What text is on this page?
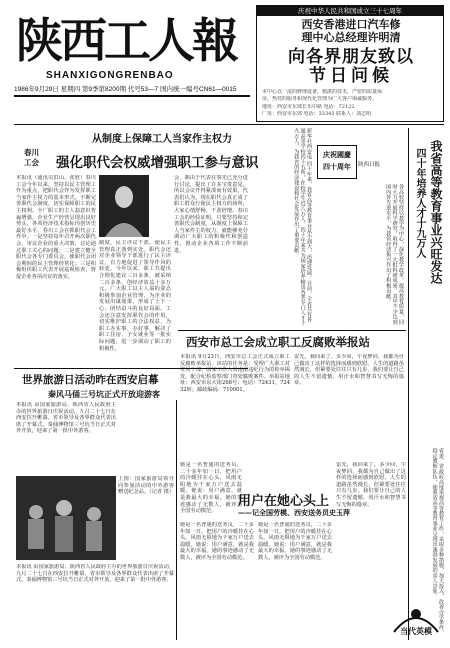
陕西工人報
SHANXIGONGRENBAO
1986年9月29日 星期四 第9季第8200期 代号53—7 国内统一编号CN61—0015
庆祝中华人民共和国成立三十七周年
西安香港进口汽车修
理中心总经理许明清
向各界朋友致以
节日问候
本中心以一流的修理设备，精湛的技术，严密的质量保
证，热忱的服务和现代化管理为广大客户竭诚服务。
地址：西安市东郊长乐中路 电话：72122
厂址：西安市东郊 电话：32345 联系人：刘志明
从制度上保障工人当家作主权力
春川
工会	强化职代会权威增强职工参与意识
本报讯（通讯员洪山、张欣）春川工会今年以来，坚持以民主管理工作为重点，把职代会作为发挥职工当家作主权力的基本形式，不断完善职代会制度，切实保障职工的民主权利。全厂职工的主人翁意识普遍增强，企业生产经营呈现出良好势头，各项经济技术指标均创历史最好水平。春川工会在抓职代会工作中，一是坚持每年召开两次职代会，审议企业的重大决策，讨论通过职工关心的问题；二是建立健全职代会各专门委员会，使职代会闭会期间的民主管理经常化；三是积极组织职工代表开展巡视检查，督促企业各项决议的落实。
制度，民主评议干部，使民主管理真正落到实处。职代会还对企业领导干部进行了民主评议，有力地促进了领导作风的转变。今年以来，职工共提出合理化建议三百多条，被采纳二百多条，创经济效益十多万元。广大职工以主人翁的姿态积极参加企业管理，为企业的发展出谋划策，形成了上下一心、团结奋斗的良好局面。工会还注意发挥职代会的作用，切实维护职工的合法权益，为职工办实事、办好事，解决了职工住房、子女就业等一批实际问题，进一步调动了职工的积极性。
会，都由于代表在事先已充分进行讨论，提出了许多宝贵意见，所以会议开得紧凑而有效果。代表们认为，现在职代会真正成了职工群众行使民主权力的场所，大家心情舒畅，干劲倍增。春川工会的经验证明，只要坚持和完善职代会制度，从制度上保障工人当家作主的权力，就能够充分调动广大职工的积极性和创造性，推动企业各项工作不断前进。
世界旅游日活动昨在西安启幕
秦风马俑三号坑正式开放迎游客
本报讯 由国家旅游局、陕西省人民政府主办的世界旅游日庆祝活动，九月二十七日在西安拉开帷幕。省市领导及各界群众代表出席了开幕式。秦俑博物馆三号坑当日正式对外开放，迎来了第一批中外游客。
上图：国家旅游局领导向参加活动的中外游客赠送纪念品。（记者 摄）
本报讯 由国家旅游局、陕西省人民政府主办的世界旅游日庆祝活动，九月二十七日在西安拉开帷幕。省市领导及各界群众代表出席了开幕式。秦俑博物馆三号坑当日正式对外开放，迎来了第一批中外游客。
西安市总工会成立职工反腐败举报站
本报讯 9月23日，西安市总工会正式成立职工反腐败举报站。该站的任务是：受理广大职工对党员干部、国家工作人员违法违纪行为的检举揭发，配合纪检监察部门查处腐败案件。举报站地址：西安市东大街268号；电话：72431，72432转；邮政编码：710001。
雷先，我回来了。多少回，午夜梦回，我都为自己做出了这样的选择而感到欣慰。人生的道路虽然漫长，但紧要处往往只有几步。我们要让自己的人生不留遗憾，用汗水和智慧书写无悔的篇章。
她是一名普通的送务员，二十多年如一日，把用户的冷暖挂在心头，风雨无阻地为千家万户送去温暖。她说：用户满意，就是我最大的幸福。她的事迹感动了无数人，被评为全国劳动模范。
用户在她心头上
——记全国劳模、西安送务员史玉萍
她是一名普通的送务员，二十多年如一日，把用户的冷暖挂在心头，风雨无阻地为千家万户送去温暖。她说：用户满意，就是我最大的幸福。她的事迹感动了无数人，被评为全国劳动模范。
她是一名普通的送务员，二十多年如一日，把用户的冷暖挂在心头，风雨无阻地为千家万户送去温暖。她说：用户满意，就是我最大的幸福。她的事迹感动了无数人，被评为全国劳动模范。
雷先，我回来了。多少回，午夜梦回，我都为自己做出了这样的选择而感到欣慰。人生的道路虽然漫长，但紧要处往往只有几步。我们要让自己的人生不留遗憾，用汗水和智慧书写无悔的篇章。
我省高等教育事业兴旺发达
四十年培养人才十九万人
庆祝國慶
四十周年	陕西日报
新华社西安电 四十年来，我省高等教育事业从小到大，迅速发展。目前，全省共有普通高等学校四十五所，在校学生近八万人。四十年来共为国家培养输送各类专门人才十九万人，为我省的经济建设和社会发展作出了重要贡献。	各高校坚持以教学为中心，深化教学改革，提高教育质量，同时大力开展科学研究，取得了一大批科研成果，其中不少达到国内外先进水平，为我省经济振兴作出了积极贡献。
省委、省政府高度重视高等教育工作，采取多种措施，加大投入，改善办学条件，稳定教师队伍，使我省高等教育事业呈现出蓬勃发展的喜人景象。
当代英模
